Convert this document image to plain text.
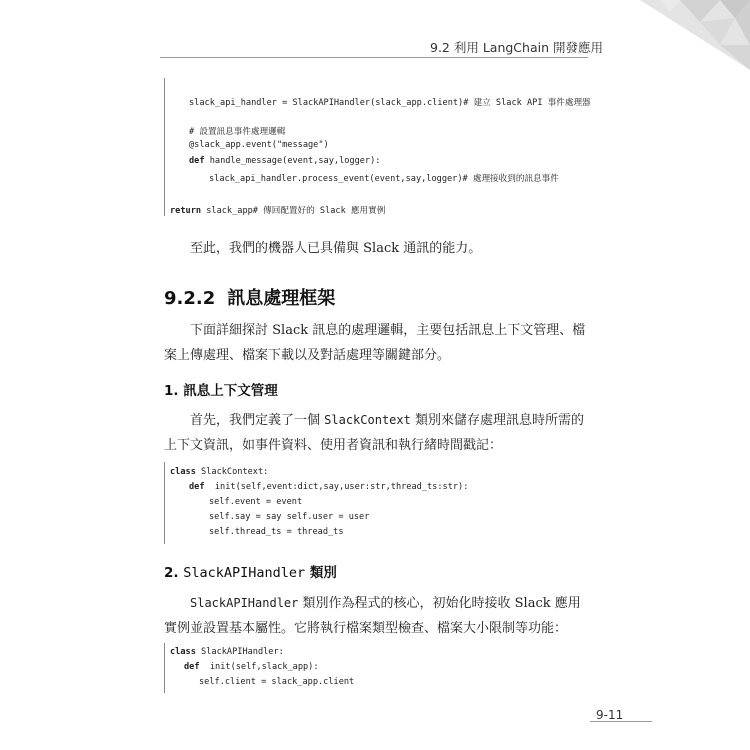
9.2 利用 LangChain 開發應用
slack_api_handler = SlackAPIHandler(slack_app.client)# 建立 Slack API 事件處理器
# 設置訊息事件處理邏輯
@slack_app.event("message")
def handle_message(event,say,logger):
slack_api_handler.process_event(event,say,logger)# 處理接收到的訊息事件
return slack_app# 傳回配置好的 Slack 應用實例

至此，我們的機器人已具備與 Slack 通訊的能力。

9.2.2 訊息處理框架

下面詳細探討 Slack 訊息的處理邏輯，主要包括訊息上下文管理、檔案上傳處理、檔案下載以及對話處理等關鍵部分。

1. 訊息上下文管理

首先，我們定義了一個 SlackContext 類別來儲存處理訊息時所需的上下文資訊，如事件資料、使用者資訊和執行緒時間戳記：

class SlackContext:
def  init(self,event:dict,say,user:str,thread_ts:str):
self.event = event
self.say = say self.user = user
self.thread_ts = thread_ts
2. SlackAPIHandler 類別

SlackAPIHandler 類別作為程式的核心，初始化時接收 Slack 應用實例並設置基本屬性。它將執行檔案類型檢查、檔案大小限制等功能：

class SlackAPIHandler:
def  init(self,slack_app):
self.client = slack_app.client
9-11
